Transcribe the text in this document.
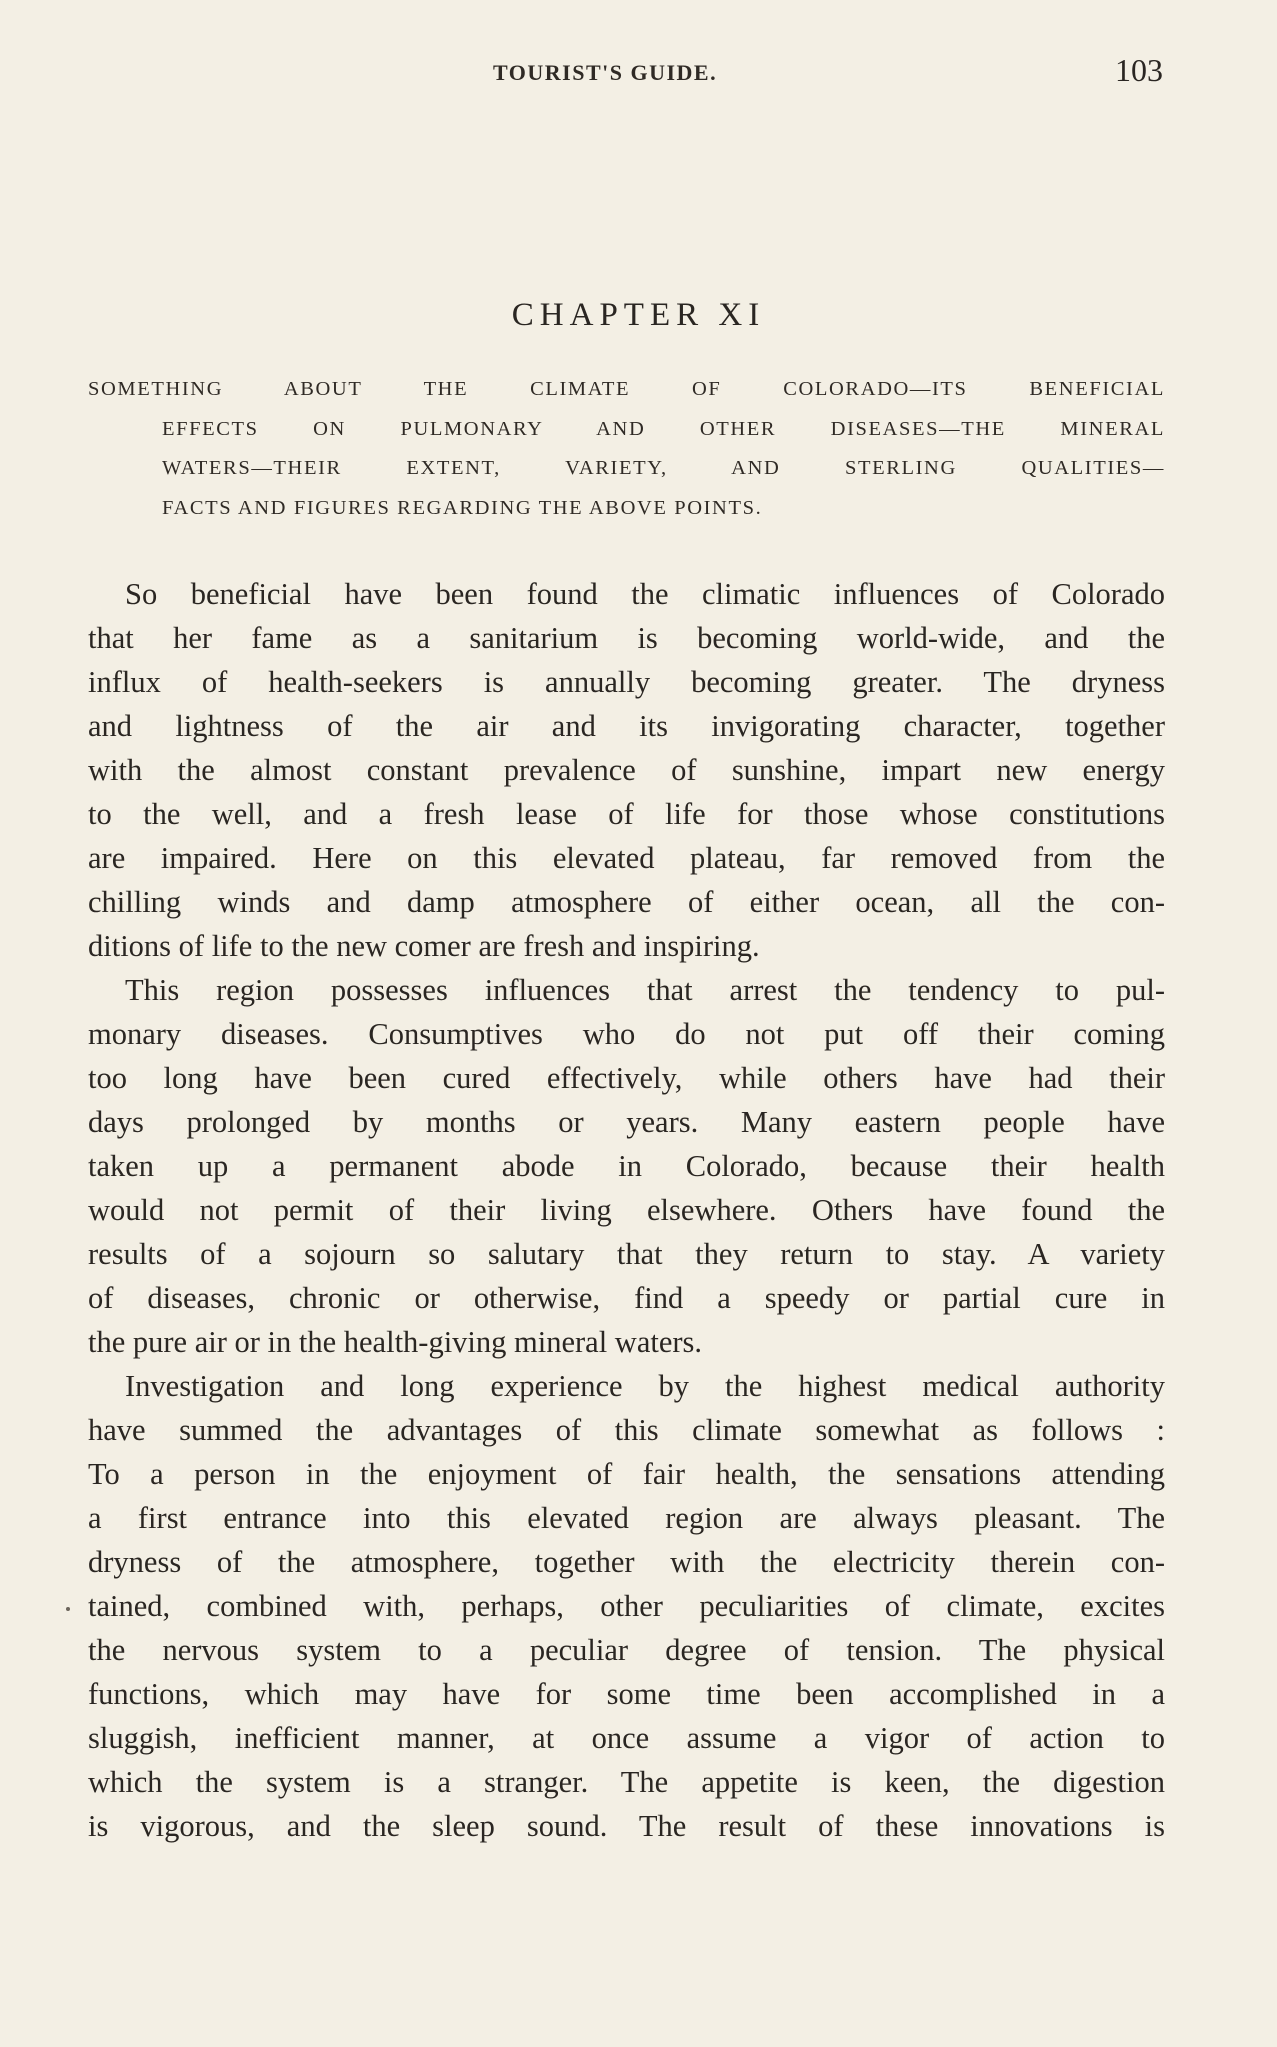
TOURIST'S GUIDE.	103
CHAPTER XI
SOMETHING ABOUT THE CLIMATE OF COLORADO—ITS BENEFICIAL
EFFECTS ON PULMONARY AND OTHER DISEASES—THE MINERAL
WATERS—THEIR EXTENT, VARIETY, AND STERLING QUALITIES—
FACTS AND FIGURES REGARDING THE ABOVE POINTS.
So beneficial have been found the climatic influences of Colorado
that her fame as a sanitarium is becoming world-wide, and the
influx of health-seekers is annually becoming greater. The dryness
and lightness of the air and its invigorating character, together
with the almost constant prevalence of sunshine, impart new energy
to the well, and a fresh lease of life for those whose constitutions
are impaired. Here on this elevated plateau, far removed from the
chilling winds and damp atmosphere of either ocean, all the con-
ditions of life to the new comer are fresh and inspiring.
This region possesses influences that arrest the tendency to pul-
monary diseases. Consumptives who do not put off their coming
too long have been cured effectively, while others have had their
days prolonged by months or years. Many eastern people have
taken up a permanent abode in Colorado, because their health
would not permit of their living elsewhere. Others have found the
results of a sojourn so salutary that they return to stay. A variety
of diseases, chronic or otherwise, find a speedy or partial cure in
the pure air or in the health-giving mineral waters.
Investigation and long experience by the highest medical authority
have summed the advantages of this climate somewhat as follows :
To a person in the enjoyment of fair health, the sensations attending
a first entrance into this elevated region are always pleasant. The
dryness of the atmosphere, together with the electricity therein con-
tained, combined with, perhaps, other peculiarities of climate, excites
the nervous system to a peculiar degree of tension. The physical
functions, which may have for some time been accomplished in a
sluggish, inefficient manner, at once assume a vigor of action to
which the system is a stranger. The appetite is keen, the digestion
is vigorous, and the sleep sound. The result of these innovations is
